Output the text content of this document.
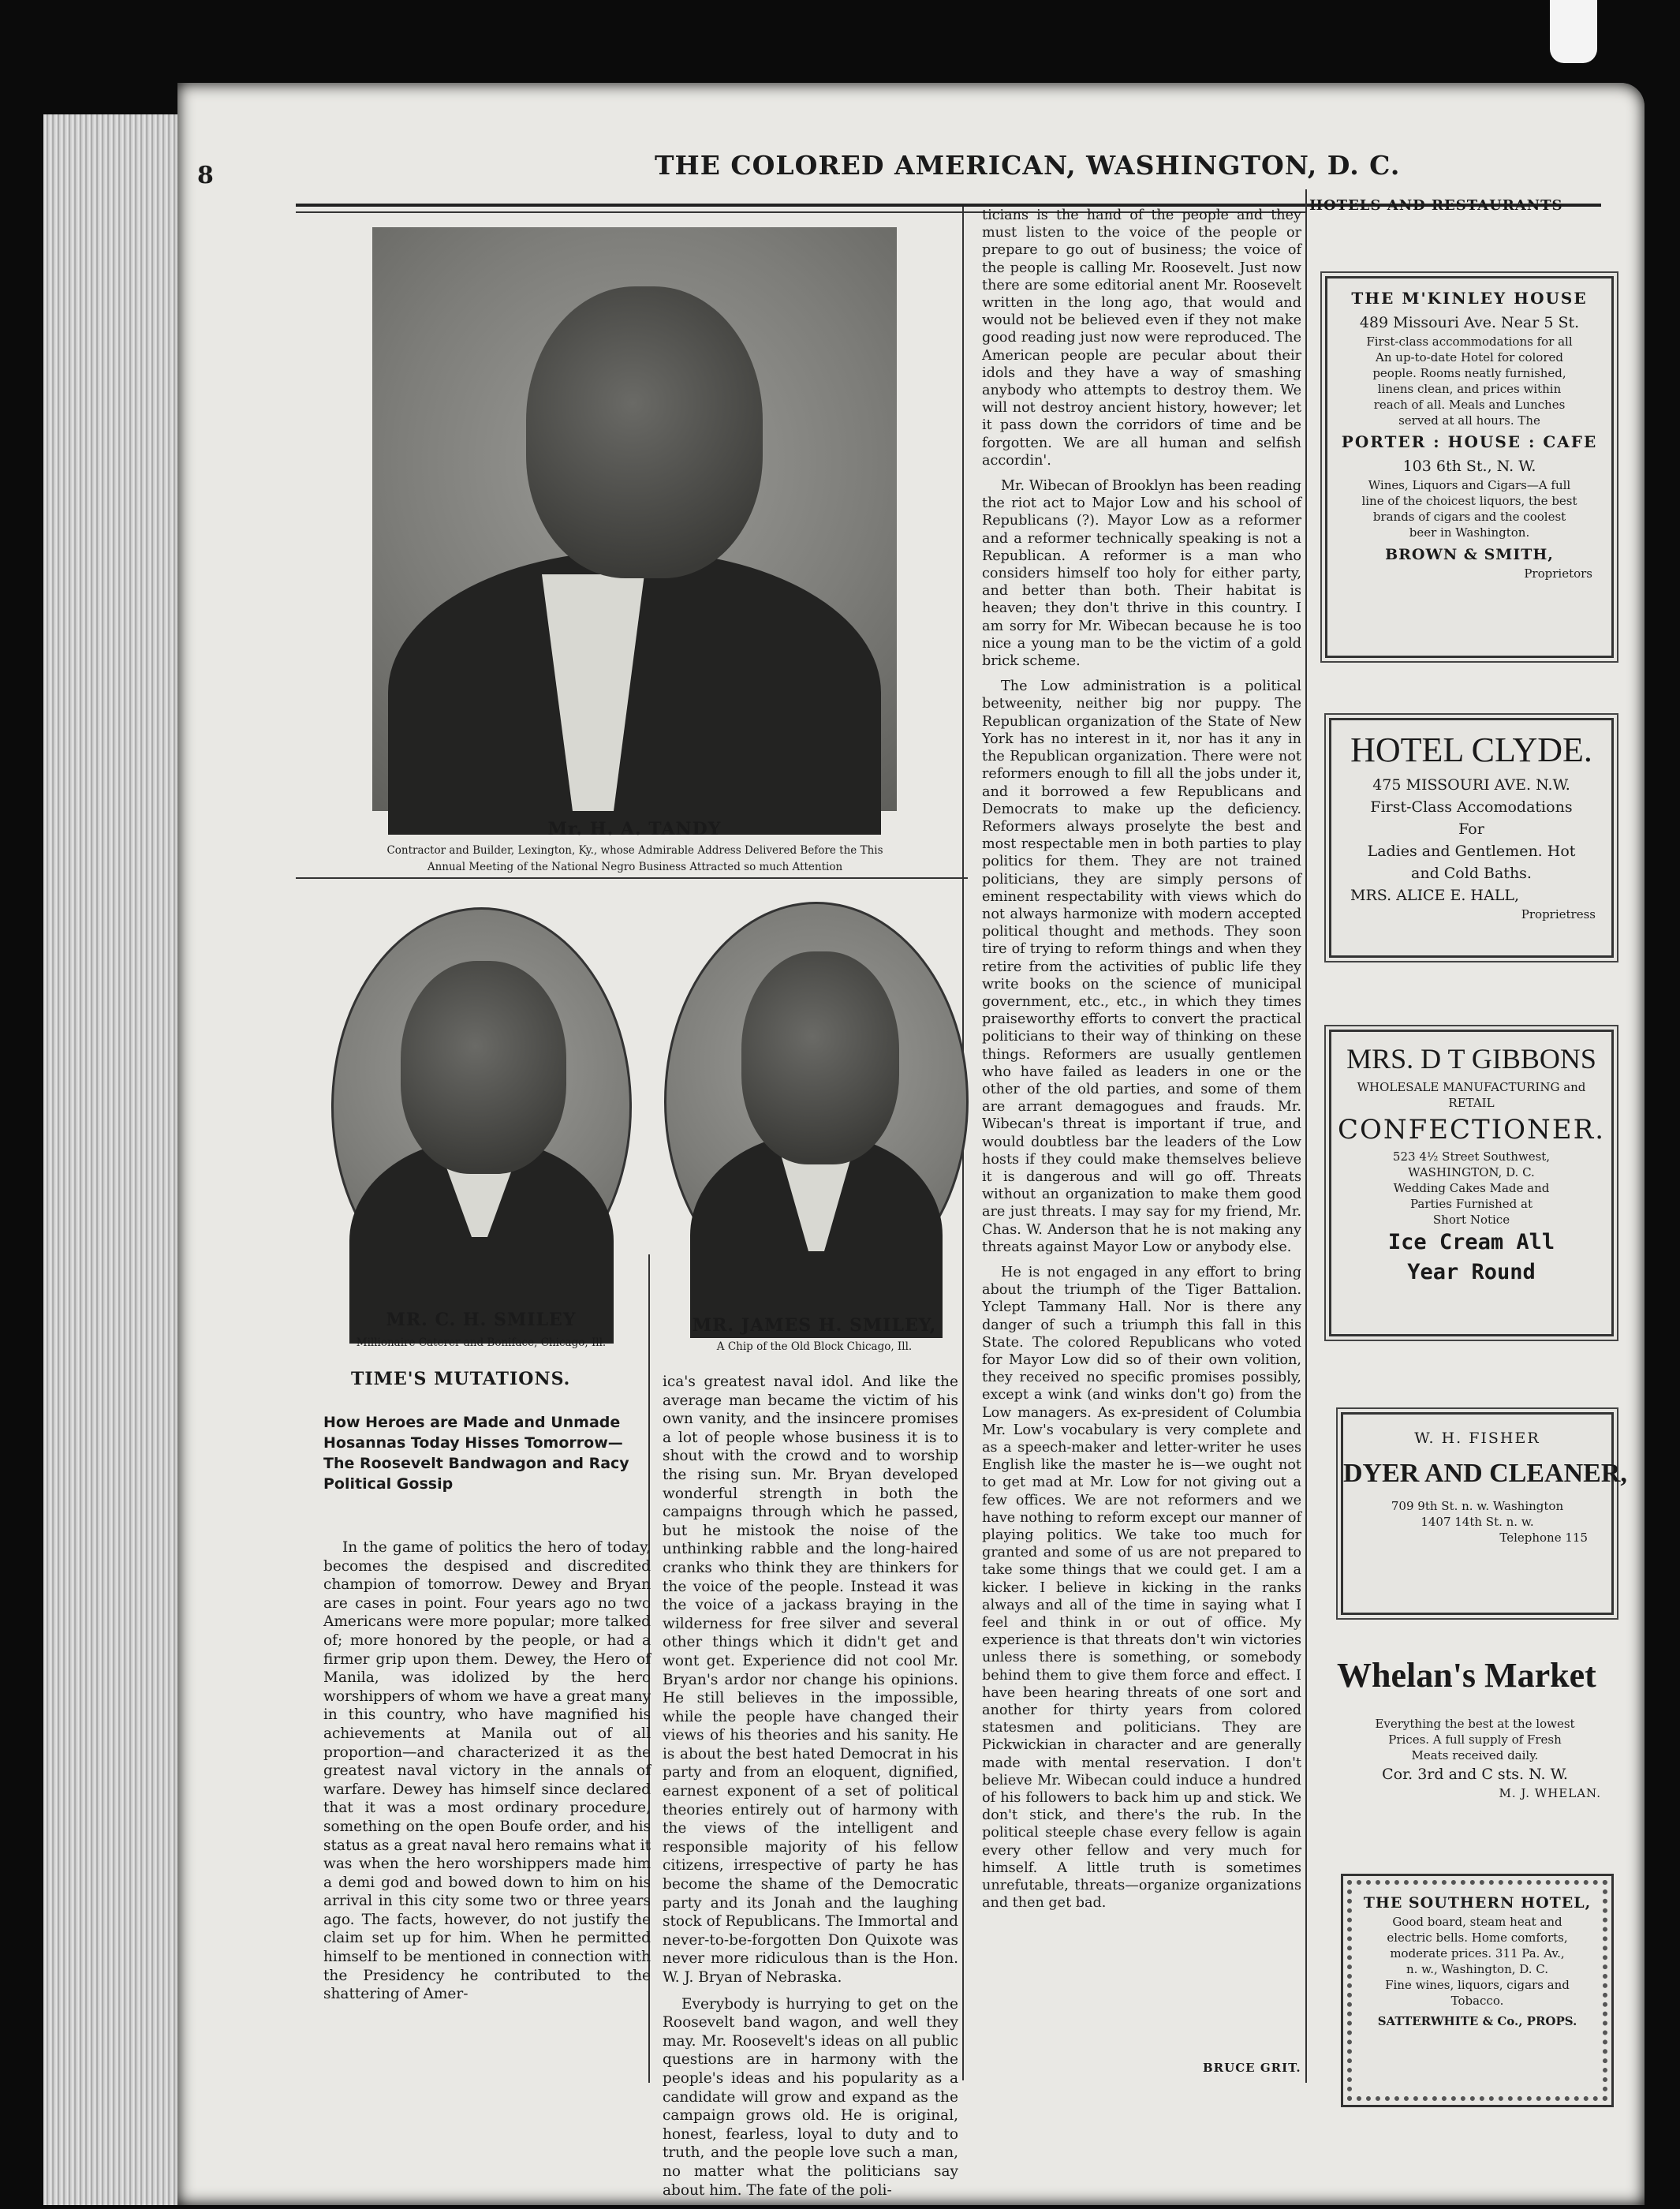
8	THE COLORED AMERICAN, WASHINGTON, D. C.
Mr. H. A. TANDY
Contractor and Builder, Lexington, Ky., whose Admirable Address Delivered Before the This
Annual Meeting of the National Negro Business Attracted so much Attention
MR. C. H. SMILEY
Millionaire Caterer and Boniface, Chicago, Ill.
MR. JAMES H. SMILEY,
A Chip of the Old Block Chicago, Ill.
TIME'S MUTATIONS.
How Heroes are Made and Unmade Hosannas Today Hisses Tomorrow—The Roosevelt Bandwagon and Racy Political Gossip

In the game of politics the hero of today, becomes the despised and discredited champion of tomorrow. Dewey and Bryan are cases in point. Four years ago no two Americans were more popular; more talked of; more honored by the people, or had a firmer grip upon them. Dewey, the Hero of Manila, was idolized by the hero worshippers of whom we have a great many in this country, who have magnified his achievements at Manila out of all proportion—and characterized it as the greatest naval victory in the annals of warfare. Dewey has himself since declared that it was a most ordinary procedure, something on the open Boufe order, and his status as a great naval hero remains what it was when the hero worshippers made him a demi god and bowed down to him on his arrival in this city some two or three years ago. The facts, however, do not justify the claim set up for him. When he permitted himself to be mentioned in connection with the Presidency he contributed to the shattering of Amer-

ica's greatest naval idol. And like the average man became the victim of his own vanity, and the insincere promises a lot of people whose business it is to shout with the crowd and to worship the rising sun. Mr. Bryan developed wonderful strength in both the campaigns through which he passed, but he mistook the noise of the unthinking rabble and the long-haired cranks who think they are thinkers for the voice of the people. Instead it was the voice of a jackass braying in the wilderness for free silver and several other things which it didn't get and wont get. Experience did not cool Mr. Bryan's ardor nor change his opinions. He still believes in the impossible, while the people have changed their views of his theories and his sanity. He is about the best hated Democrat in his party and from an eloquent, dignified, earnest exponent of a set of political theories entirely out of harmony with the views of the intelligent and responsible majority of his fellow citizens, irrespective of party he has become the shame of the Democratic party and its Jonah and the laughing stock of Republicans. The Immortal and never-to-be-forgotten Don Quixote was never more ridiculous than is the Hon. W. J. Bryan of Nebraska.

Everybody is hurrying to get on the Roosevelt band wagon, and well they may. Mr. Roosevelt's ideas on all public questions are in harmony with the people's ideas and his popularity as a candidate will grow and expand as the campaign grows old. He is original, honest, fearless, loyal to duty and to truth, and the people love such a man, no matter what the politicians say about him. The fate of the poli-

ticians is the hand of the people and they must listen to the voice of the people or prepare to go out of business; the voice of the people is calling Mr. Roosevelt. Just now there are some editorial anent Mr. Roosevelt written in the long ago, that would and would not be believed even if they not make good reading just now were reproduced. The American people are pecular about their idols and they have a way of smashing anybody who attempts to destroy them. We will not destroy ancient history, however; let it pass down the corridors of time and be forgotten. We are all human and selfish accordin'.

Mr. Wibecan of Brooklyn has been reading the riot act to Major Low and his school of Republicans (?). Mayor Low as a reformer and a reformer technically speaking is not a Republican. A reformer is a man who considers himself too holy for either party, and better than both. Their habitat is heaven; they don't thrive in this country. I am sorry for Mr. Wibecan because he is too nice a young man to be the victim of a gold brick scheme.

The Low administration is a political betweenity, neither big nor puppy. The Republican organization of the State of New York has no interest in it, nor has it any in the Republican organization. There were not reformers enough to fill all the jobs under it, and it borrowed a few Republicans and Democrats to make up the deficiency. Reformers always proselyte the best and most respectable men in both parties to play politics for them. They are not trained politicians, they are simply persons of eminent respectability with views which do not always harmonize with modern accepted political thought and methods. They soon tire of trying to reform things and when they retire from the activities of public life they write books on the science of municipal government, etc., etc., in which they times praiseworthy efforts to convert the practical politicians to their way of thinking on these things. Reformers are usually gentlemen who have failed as leaders in one or the other of the old parties, and some of them are arrant demagogues and frauds. Mr. Wibecan's threat is important if true, and would doubtless bar the leaders of the Low hosts if they could make themselves believe it is dangerous and will go off. Threats without an organization to make them good are just threats. I may say for my friend, Mr. Chas. W. Anderson that he is not making any threats against Mayor Low or anybody else.

He is not engaged in any effort to bring about the triumph of the Tiger Battalion. Yclept Tammany Hall. Nor is there any danger of such a triumph this fall in this State. The colored Republicans who voted for Mayor Low did so of their own volition, they received no specific promises possibly, except a wink (and winks don't go) from the Low managers. As ex-president of Columbia Mr. Low's vocabulary is very complete and as a speech-maker and letter-writer he uses English like the master he is—we ought not to get mad at Mr. Low for not giving out a few offices. We are not reformers and we have nothing to reform except our manner of playing politics. We take too much for granted and some of us are not prepared to take some things that we could get. I am a kicker. I believe in kicking in the ranks always and all of the time in saying what I feel and think in or out of office. My experience is that threats don't win victories unless there is something, or somebody behind them to give them force and effect. I have been hearing threats of one sort and another for thirty years from colored statesmen and politicians. They are Pickwickian in character and are generally made with mental reservation. I don't believe Mr. Wibecan could induce a hundred of his followers to back him up and stick. We don't stick, and there's the rub. In the political steeple chase every fellow is again every other fellow and very much for himself. A little truth is sometimes unrefutable, threats—organize organizations and then get bad.

BRUCE GRIT.
HOTELS AND RESTAURANTS
THE M'KINLEY HOUSE
489 Missouri Ave. Near 5 St.
First-class accommodations for all
An up-to-date Hotel for colored
people. Rooms neatly furnished,
linens clean, and prices within
reach of all. Meals and Lunches
served at all hours. The
PORTER : HOUSE : CAFE
103 6th St., N. W.
Wines, Liquors and Cigars—A full
line of the choicest liquors, the best
brands of cigars and the coolest
beer in Washington.
BROWN & SMITH,
Proprietors
HOTEL CLYDE.
475 MISSOURI AVE. N.W.
First-Class Accomodations
For
Ladies and Gentlemen. Hot
and Cold Baths.
MRS. ALICE E. HALL,
Proprietress
MRS. D T GIBBONS
WHOLESALE MANUFACTURING and
RETAIL
CONFECTIONER.
523 4½ Street Southwest,
WASHINGTON, D. C.
Wedding Cakes Made and
Parties Furnished at
Short Notice
Ice Cream All
Year Round
W. H. FISHER
DYER AND CLEANER,
709 9th St. n. w. Washington
1407 14th St. n. w.
Telephone 115
Whelan's Market
Everything the best at the lowest
Prices. A full supply of Fresh
Meats received daily.
Cor. 3rd and C sts. N. W.
M. J. WHELAN.
THE SOUTHERN HOTEL,
Good board, steam heat and
electric bells. Home comforts,
moderate prices. 311 Pa. Av.,
n. w., Washington, D. C.
Fine wines, liquors, cigars and
Tobacco.
SATTERWHITE & Co., PROPS.
